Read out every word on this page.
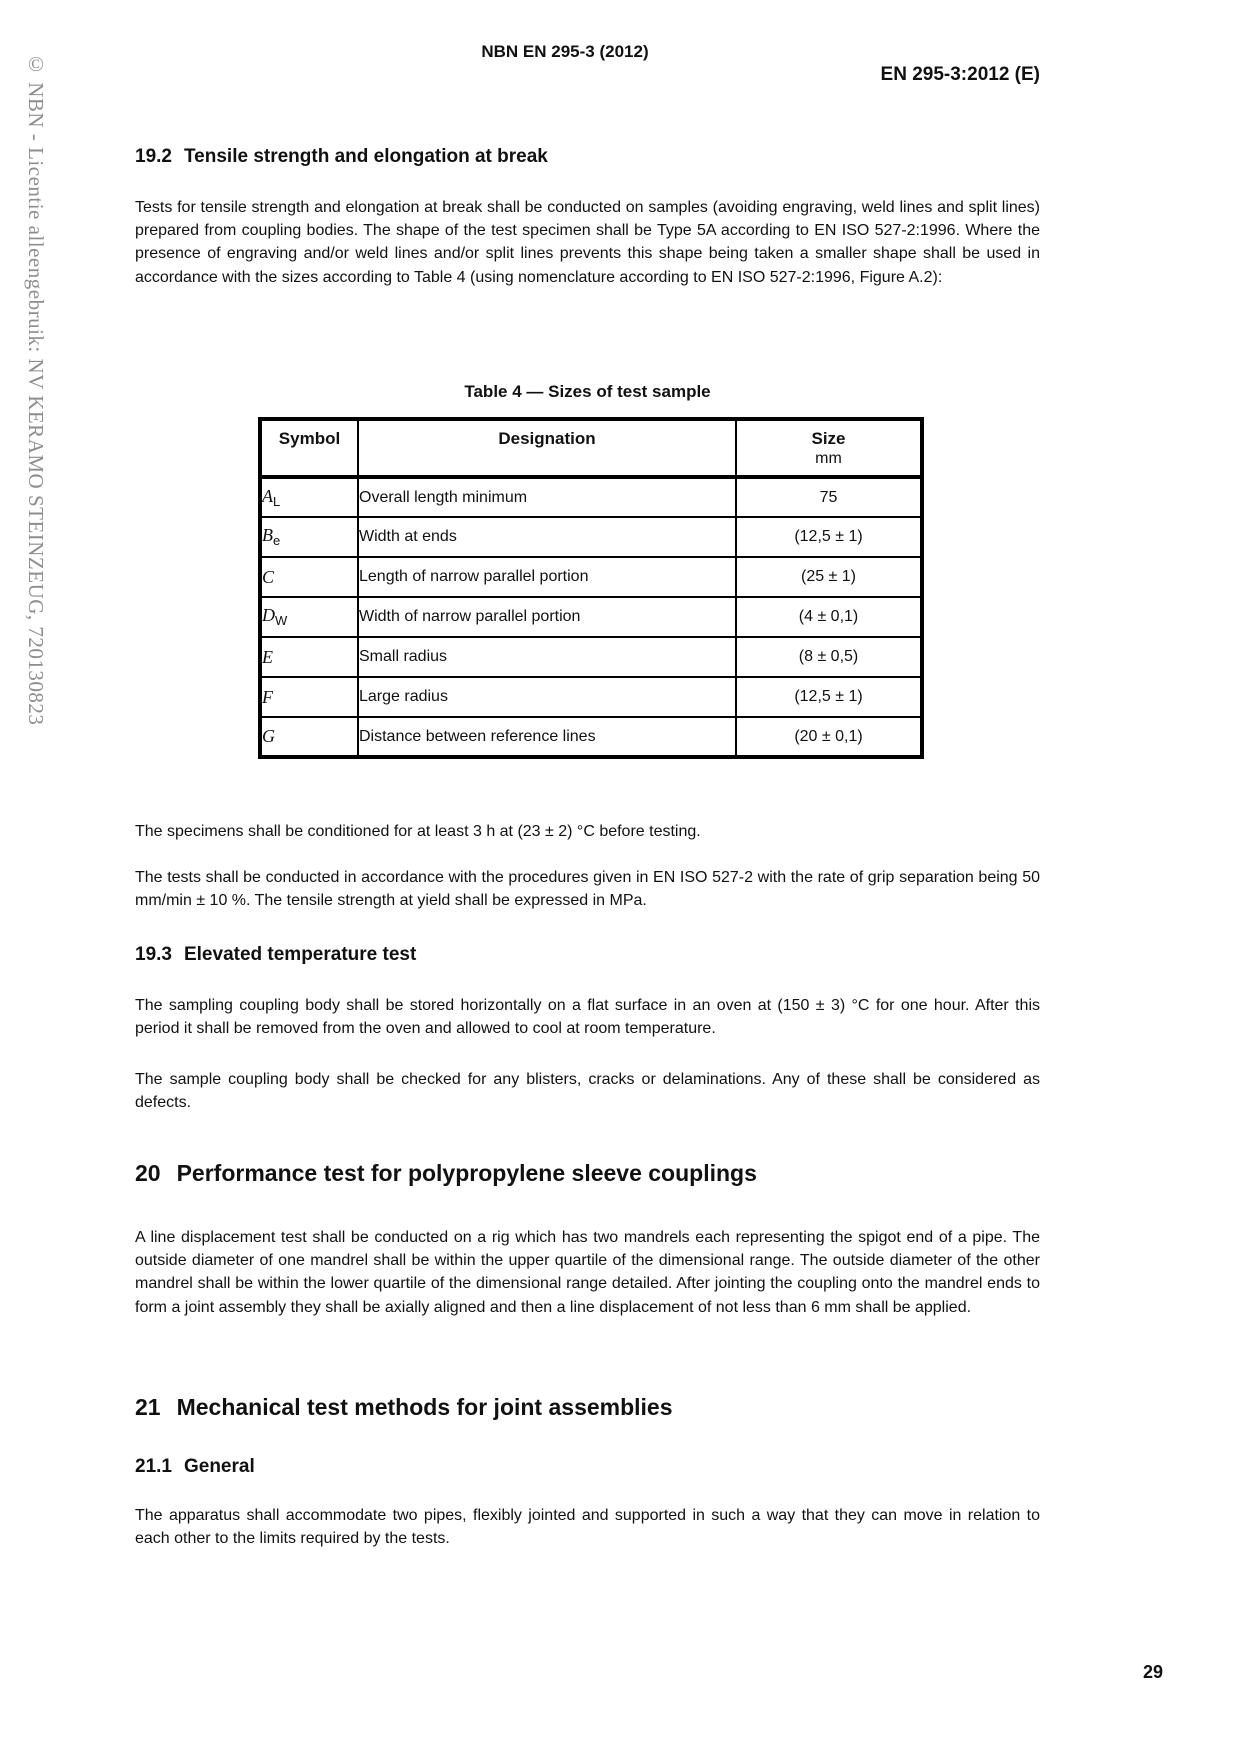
© NBN - Licentie alleengebruik: NV KERAMO STEINZEUG, 720130823
NBN EN 295-3 (2012)
EN 295-3:2012 (E)
19.2 Tensile strength and elongation at break
Tests for tensile strength and elongation at break shall be conducted on samples (avoiding engraving, weld lines and split lines) prepared from coupling bodies. The shape of the test specimen shall be Type 5A according to EN ISO 527-2:1996. Where the presence of engraving and/or weld lines and/or split lines prevents this shape being taken a smaller shape shall be used in accordance with the sizes according to Table 4 (using nomenclature according to EN ISO 527-2:1996, Figure A.2):
Table 4 — Sizes of test sample
Symbol	Designation	Size
mm

$A_L$	Overall length minimum	75
$B_e$	Width at ends	(12,5 ± 1)
C	Length of narrow parallel portion	(25 ± 1)
$D_W$	Width of narrow parallel portion	(4 ± 0,1)
E	Small radius	(8 ± 0,5)
F	Large radius	(12,5 ± 1)
G	Distance between reference lines	(20 ± 0,1)
The specimens shall be conditioned for at least 3 h at (23 ± 2) °C before testing.
The tests shall be conducted in accordance with the procedures given in EN ISO 527-2 with the rate of grip separation being 50 mm/min ± 10 %. The tensile strength at yield shall be expressed in MPa.
19.3 Elevated temperature test
The sampling coupling body shall be stored horizontally on a flat surface in an oven at (150 ± 3) °C for one hour. After this period it shall be removed from the oven and allowed to cool at room temperature.
The sample coupling body shall be checked for any blisters, cracks or delaminations. Any of these shall be considered as defects.
20 Performance test for polypropylene sleeve couplings
A line displacement test shall be conducted on a rig which has two mandrels each representing the spigot end of a pipe. The outside diameter of one mandrel shall be within the upper quartile of the dimensional range. The outside diameter of the other mandrel shall be within the lower quartile of the dimensional range detailed. After jointing the coupling onto the mandrel ends to form a joint assembly they shall be axially aligned and then a line displacement of not less than 6 mm shall be applied.
21 Mechanical test methods for joint assemblies
21.1 General
The apparatus shall accommodate two pipes, flexibly jointed and supported in such a way that they can move in relation to each other to the limits required by the tests.
29
